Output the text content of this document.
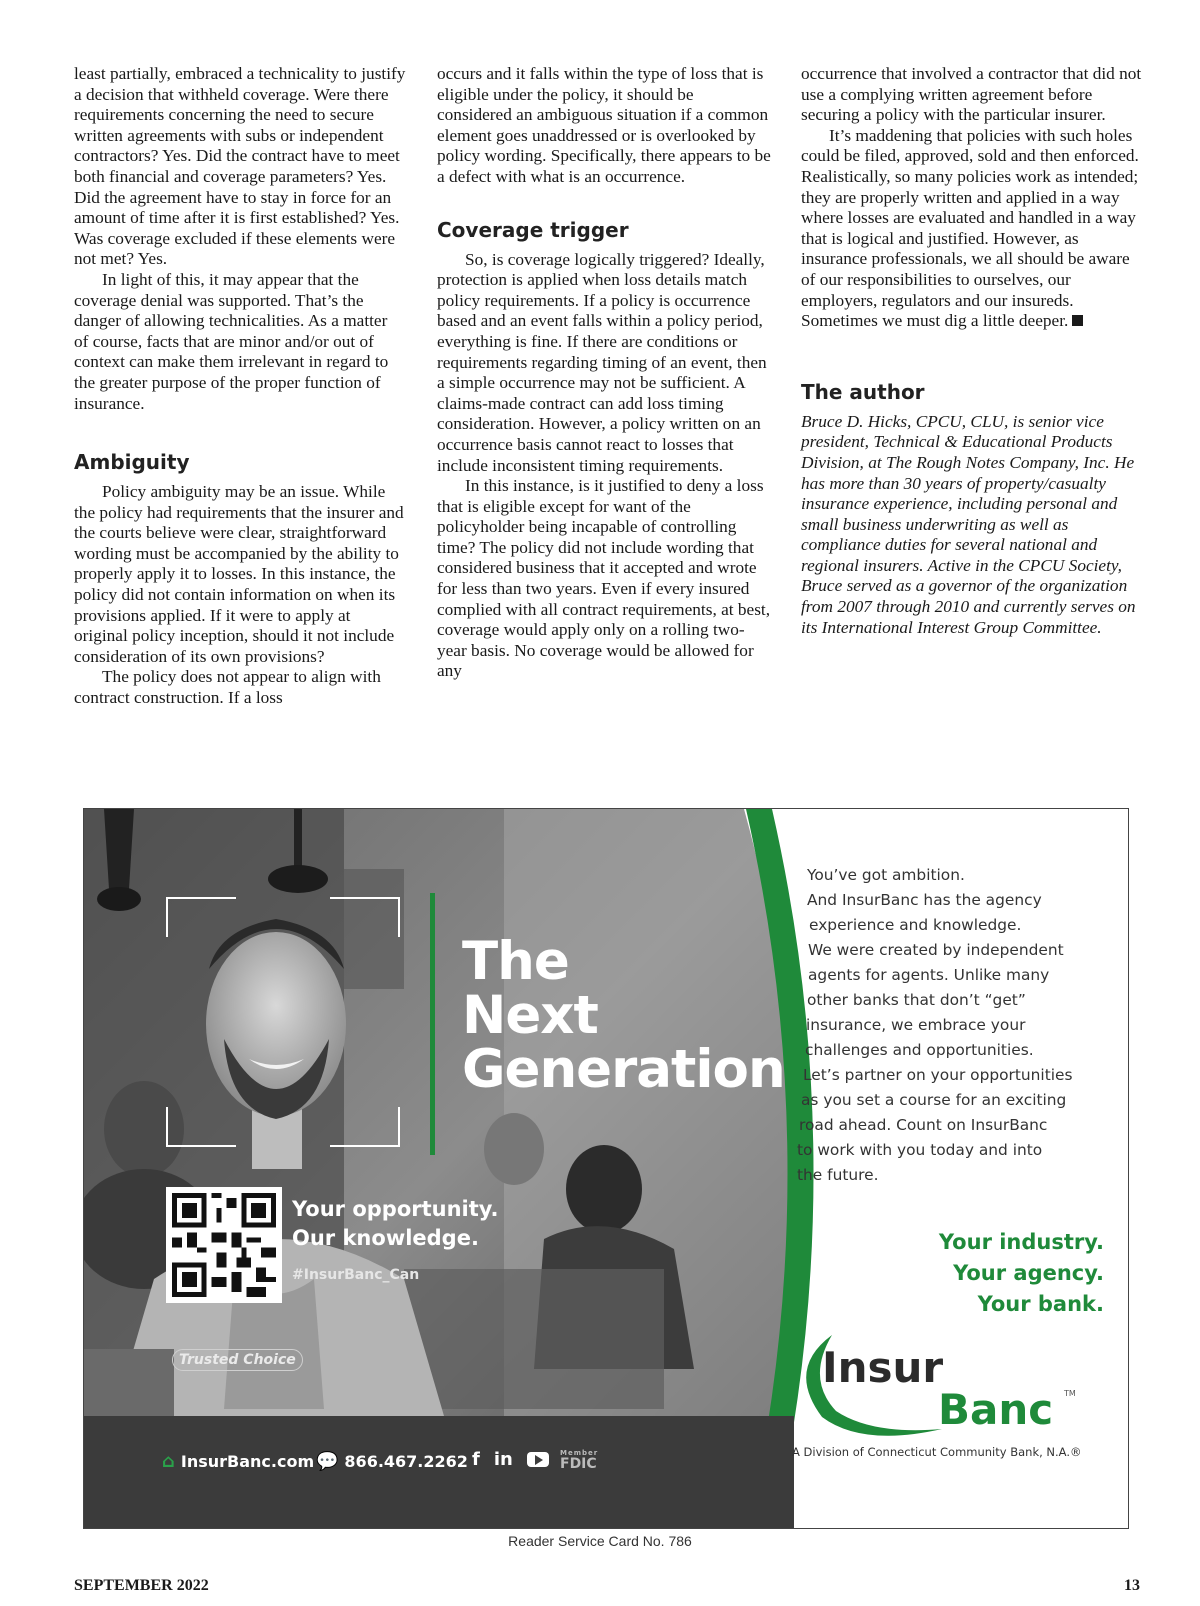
least partially, embraced a technicality to justify a decision that withheld coverage. Were there requirements concerning the need to secure written agreements with subs or independent contractors? Yes. Did the contract have to meet both financial and coverage parameters? Yes. Did the agreement have to stay in force for an amount of time after it is first established? Yes. Was coverage excluded if these elements were not met? Yes.

In light of this, it may appear that the coverage denial was supported. That’s the danger of allowing technicalities. As a matter of course, facts that are minor and/or out of context can make them irrelevant in regard to the greater purpose of the proper function of insurance.

Ambiguity

Policy ambiguity may be an issue. While the policy had requirements that the insurer and the courts believe were clear, straightforward wording must be accompanied by the ability to properly apply it to losses. In this instance, the policy did not contain information on when its provisions applied. If it were to apply at original policy inception, should it not include consideration of its own provisions?

The policy does not appear to align with contract construction. If a loss

occurs and it falls within the type of loss that is eligible under the policy, it should be considered an ambiguous situation if a common element goes unaddressed or is overlooked by policy wording. Specifically, there appears to be a defect with what is an occurrence.

Coverage trigger

So, is coverage logically triggered? Ideally, protection is applied when loss details match policy requirements. If a policy is occurrence based and an event falls within a policy period, everything is fine. If there are conditions or requirements regarding timing of an event, then a simple occurrence may not be sufficient. A claims-made contract can add loss timing consideration. However, a policy written on an occurrence basis cannot react to losses that include inconsistent timing requirements.

In this instance, is it justified to deny a loss that is eligible except for want of the policyholder being incapable of controlling time? The policy did not include wording that considered business that it accepted and wrote for less than two years. Even if every insured complied with all contract requirements, at best, coverage would apply only on a rolling two-year basis. No coverage would be allowed for any

occurrence that involved a contractor that did not use a complying written agreement before securing a policy with the particular insurer.

It’s maddening that policies with such holes could be filed, approved, sold and then enforced. Realistically, so many policies work as intended; they are properly written and applied in a way where losses are evaluated and handled in a way that is logical and justified. However, as insurance professionals, we all should be aware of our responsibilities to ourselves, our employers, regulators and our insureds. Sometimes we must dig a little deeper.

The author

Bruce D. Hicks, CPCU, CLU, is senior vice president, Technical & Educational Products Division, at The Rough Notes Company, Inc. He has more than 30 years of property/casualty insurance experience, including personal and small business underwriting as well as compliance duties for several national and regional insurers. Active in the CPCU Society, Bruce served as a governor of the organization from 2007 through 2010 and currently serves on its International Interest Group Committee.

The
Next
Generation
Your opportunity.
Our knowledge.
#InsurBanc_Can
Trusted Choice
⌂ InsurBanc.com 💬 866.467.2262 f in	Member
FDIC
You’ve got ambition.
And InsurBanc has the agency
experience and knowledge.
We were created by independent
agents for agents. Unlike many
other banks that don’t “get”
insurance, we embrace your
challenges and opportunities.
Let’s partner on your opportunities
as you set a course for an exciting
road ahead. Count on InsurBanc
to work with you today and into
the future.
Your industry.
Your agency.
Your bank.
Insur
Banc TM
A Division of Connecticut Community Bank, N.A.®
Reader Service Card No. 786
SEPTEMBER 2022	13
